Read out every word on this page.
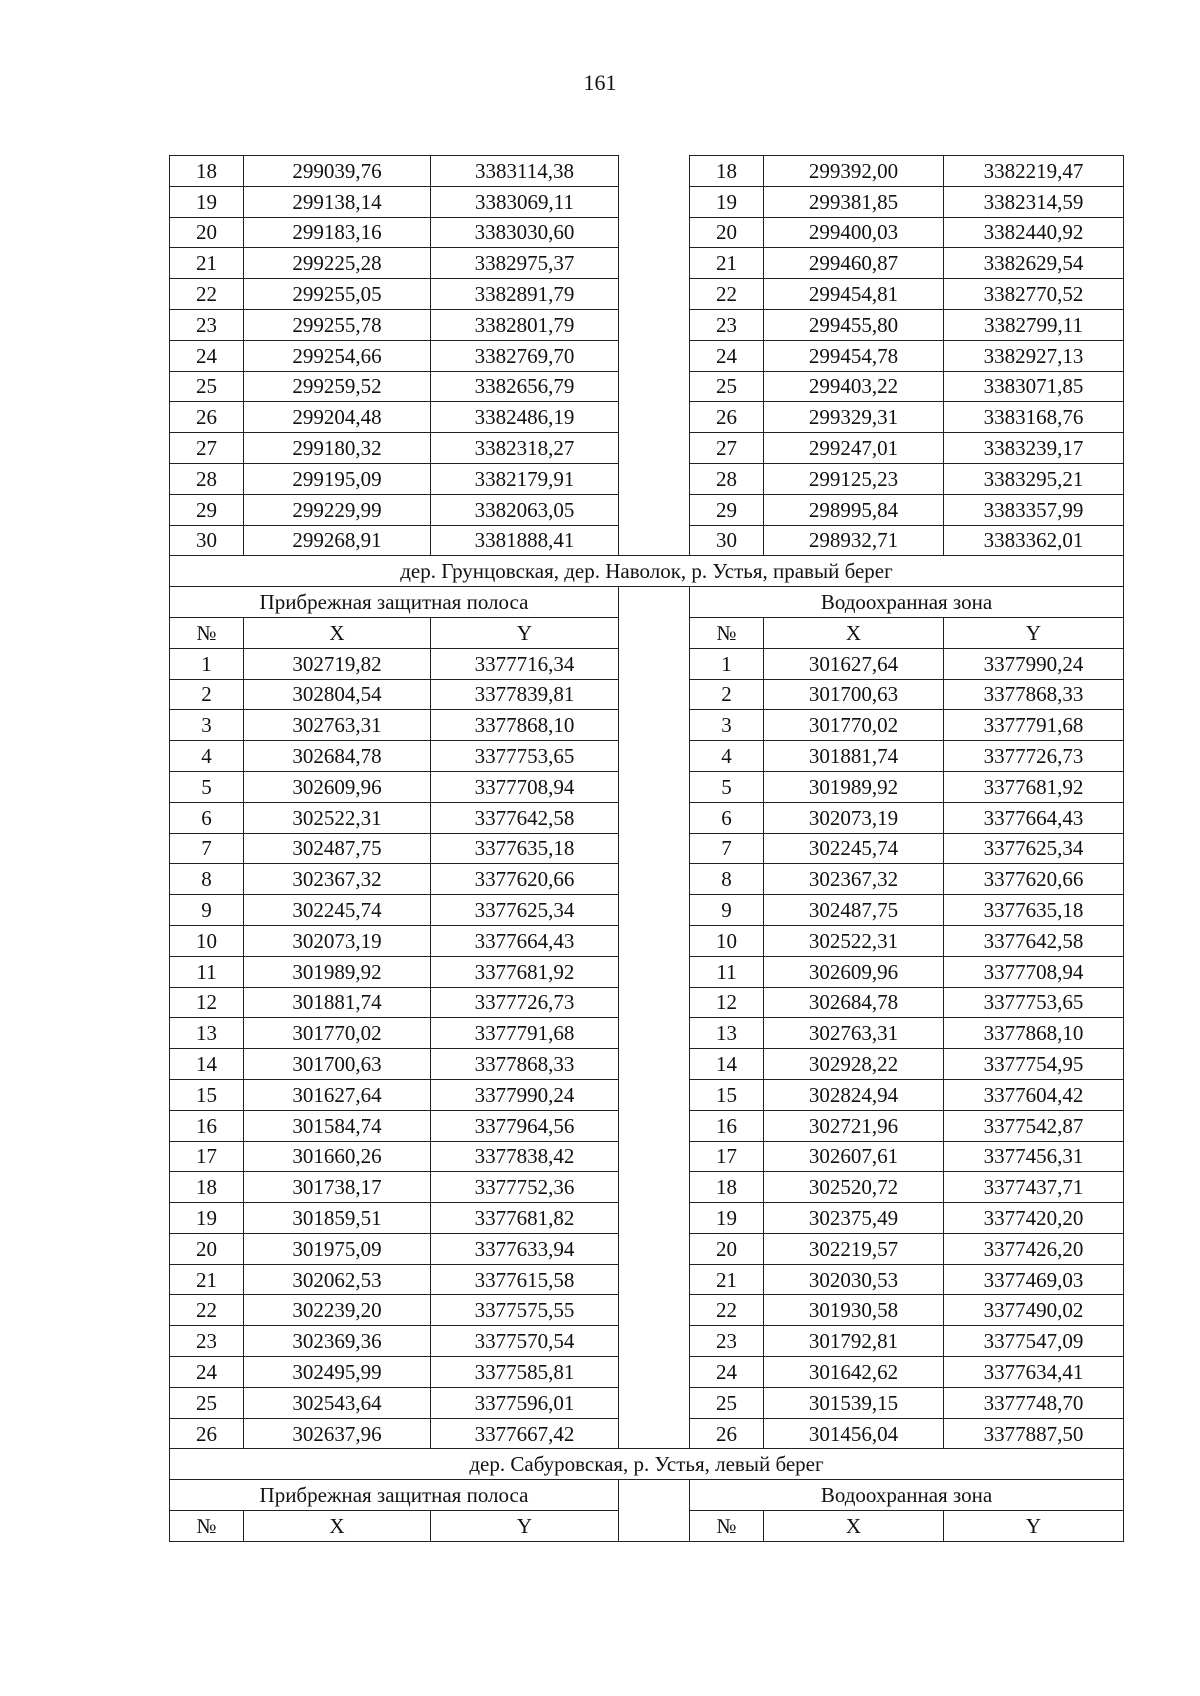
161
18	299039,76	3383114,38		18	299392,00	3382219,47
19	299138,14	3383069,11		19	299381,85	3382314,59
20	299183,16	3383030,60		20	299400,03	3382440,92
21	299225,28	3382975,37		21	299460,87	3382629,54
22	299255,05	3382891,79		22	299454,81	3382770,52
23	299255,78	3382801,79		23	299455,80	3382799,11
24	299254,66	3382769,70		24	299454,78	3382927,13
25	299259,52	3382656,79		25	299403,22	3383071,85
26	299204,48	3382486,19		26	299329,31	3383168,76
27	299180,32	3382318,27		27	299247,01	3383239,17
28	299195,09	3382179,91		28	299125,23	3383295,21
29	299229,99	3382063,05		29	298995,84	3383357,99
30	299268,91	3381888,41		30	298932,71	3383362,01
дер. Грунцовская, дер. Наволок, р. Устья, правый берег						
Прибрежная защитная полоса				Водоохранная зона		
№	X	Y		№	X	Y
1	302719,82	3377716,34		1	301627,64	3377990,24
2	302804,54	3377839,81		2	301700,63	3377868,33
3	302763,31	3377868,10		3	301770,02	3377791,68
4	302684,78	3377753,65		4	301881,74	3377726,73
5	302609,96	3377708,94		5	301989,92	3377681,92
6	302522,31	3377642,58		6	302073,19	3377664,43
7	302487,75	3377635,18		7	302245,74	3377625,34
8	302367,32	3377620,66		8	302367,32	3377620,66
9	302245,74	3377625,34		9	302487,75	3377635,18
10	302073,19	3377664,43		10	302522,31	3377642,58
11	301989,92	3377681,92		11	302609,96	3377708,94
12	301881,74	3377726,73		12	302684,78	3377753,65
13	301770,02	3377791,68		13	302763,31	3377868,10
14	301700,63	3377868,33		14	302928,22	3377754,95
15	301627,64	3377990,24		15	302824,94	3377604,42
16	301584,74	3377964,56		16	302721,96	3377542,87
17	301660,26	3377838,42		17	302607,61	3377456,31
18	301738,17	3377752,36		18	302520,72	3377437,71
19	301859,51	3377681,82		19	302375,49	3377420,20
20	301975,09	3377633,94		20	302219,57	3377426,20
21	302062,53	3377615,58		21	302030,53	3377469,03
22	302239,20	3377575,55		22	301930,58	3377490,02
23	302369,36	3377570,54		23	301792,81	3377547,09
24	302495,99	3377585,81		24	301642,62	3377634,41
25	302543,64	3377596,01		25	301539,15	3377748,70
26	302637,96	3377667,42		26	301456,04	3377887,50
дер. Сабуровская, р. Устья, левый берег						
Прибрежная защитная полоса				Водоохранная зона		
№	X	Y		№	X	Y
